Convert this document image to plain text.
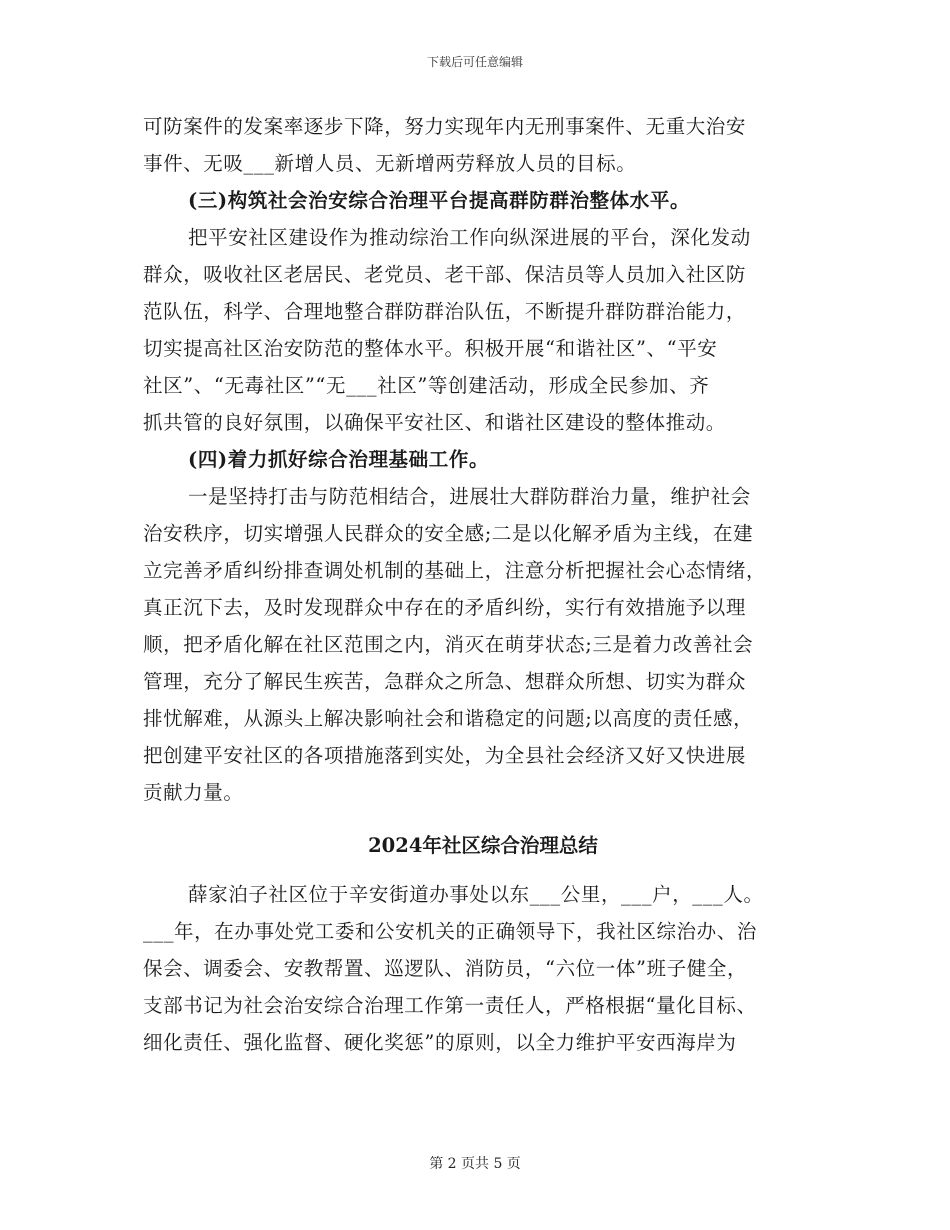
下载后可任意编辑
可防案件的发案率逐步下降，努力实现年内无刑事案件、无重大治安
事件、无吸___新增人员、无新增两劳释放人员的目标。
(三)构筑社会治安综合治理平台提高群防群治整体水平。
把平安社区建设作为推动综治工作向纵深进展的平台，深化发动
群众，吸收社区老居民、老党员、老干部、保洁员等人员加入社区防
范队伍，科学、合理地整合群防群治队伍，不断提升群防群治能力，
切实提高社区治安防范的整体水平。积极开展“和谐社区”、“平安
社区”、“无毒社区”“无___社区”等创建活动，形成全民参加、齐
抓共管的良好氛围，以确保平安社区、和谐社区建设的整体推动。
(四)着力抓好综合治理基础工作。
一是坚持打击与防范相结合，进展壮大群防群治力量，维护社会
治安秩序，切实增强人民群众的安全感;二是以化解矛盾为主线，在建
立完善矛盾纠纷排查调处机制的基础上，注意分析把握社会心态情绪，
真正沉下去，及时发现群众中存在的矛盾纠纷，实行有效措施予以理
顺，把矛盾化解在社区范围之内，消灭在萌芽状态;三是着力改善社会
管理，充分了解民生疾苦，急群众之所急、想群众所想、切实为群众
排忧解难，从源头上解决影响社会和谐稳定的问题;以高度的责任感，
把创建平安社区的各项措施落到实处，为全县社会经济又好又快进展
贡献力量。
2024年社区综合治理总结
薛家泊子社区位于辛安街道办事处以东___公里，___户，___人。
___年，在办事处党工委和公安机关的正确领导下，我社区综治办、治
保会、调委会、安教帮置、巡逻队、消防员，“六位一体”班子健全，
支部书记为社会治安综合治理工作第一责任人，严格根据“量化目标、
细化责任、强化监督、硬化奖惩”的原则，以全力维护平安西海岸为
第 2 页共 5 页
